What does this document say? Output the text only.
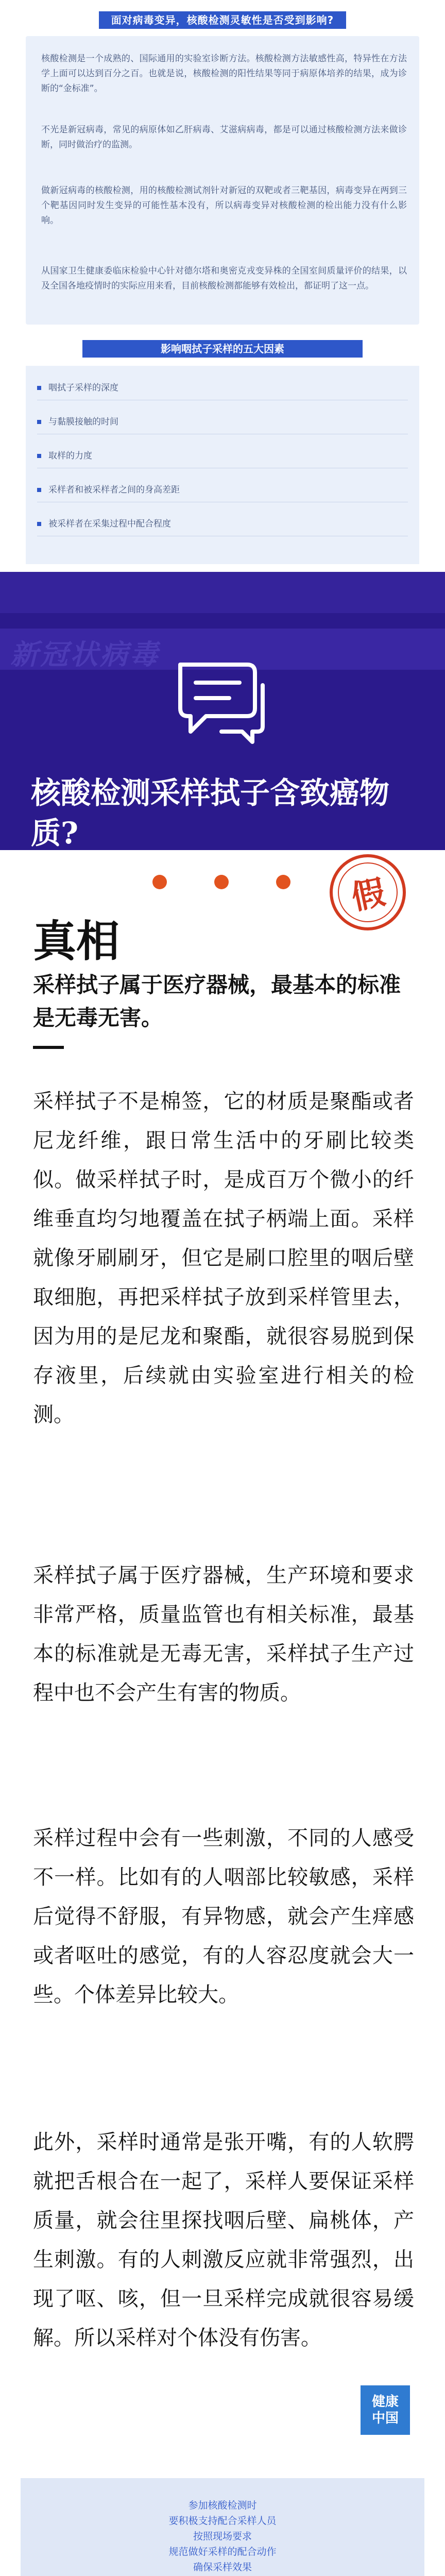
面对病毒变异，核酸检测灵敏性是否受到影响?

核酸检测是一个成熟的、国际通用的实验室诊断方法。核酸检测方法敏感性高，特异性在方法学上面可以达到百分之百。也就是说，核酸检测的阳性结果等同于病原体培养的结果，成为诊断的“金标准”。

不光是新冠病毒，常见的病原体如乙肝病毒、艾滋病病毒，都是可以通过核酸检测方法来做诊断，同时做治疗的监测。

做新冠病毒的核酸检测，用的核酸检测试剂针对新冠的双靶或者三靶基因，病毒变异在两到三个靶基因同时发生变异的可能性基本没有，所以病毒变异对核酸检测的检出能力没有什么影响。

从国家卫生健康委临床检验中心针对德尔塔和奥密克戎变异株的全国室间质量评价的结果，以及全国各地疫情时的实际应用来看，目前核酸检测都能够有效检出，都证明了这一点。

影响咽拭子采样的五大因素
咽拭子采样的深度
与黏膜接触的时间
取样的力度
采样者和被采样者之间的身高差距
被采样者在采集过程中配合程度
新冠状病毒
核酸检测采样拭子含致癌物质?
假
真相

采样拭子属于医疗器械，最基本的标准是无毒无害。

采样拭子不是棉签，它的材质是聚酯或者尼龙纤维，跟日常生活中的牙刷比较类似。做采样拭子时，是成百万个微小的纤维垂直均匀地覆盖在拭子柄端上面。采样就像牙刷刷牙，但它是刷口腔里的咽后壁取细胞，再把采样拭子放到采样管里去，因为用的是尼龙和聚酯，就很容易脱到保存液里，后续就由实验室进行相关的检测。

采样拭子属于医疗器械，生产环境和要求非常严格，质量监管也有相关标准，最基本的标准就是无毒无害，采样拭子生产过程中也不会产生有害的物质。

采样过程中会有一些刺激，不同的人感受不一样。比如有的人咽部比较敏感，采样后觉得不舒服，有异物感，就会产生痒感或者呕吐的感觉，有的人容忍度就会大一些。个体差异比较大。

此外，采样时通常是张开嘴，有的人软腭就把舌根合在一起了，采样人要保证采样质量，就会往里探找咽后壁、扁桃体，产生刺激。有的人刺激反应就非常强烈，出现了呕、咳，但一旦采样完成就很容易缓解。所以采样对个体没有伤害。

健康
中国

参加核酸检测时

要积极支持配合采样人员

按照现场要求

规范做好采样的配合动作

确保采样效果
